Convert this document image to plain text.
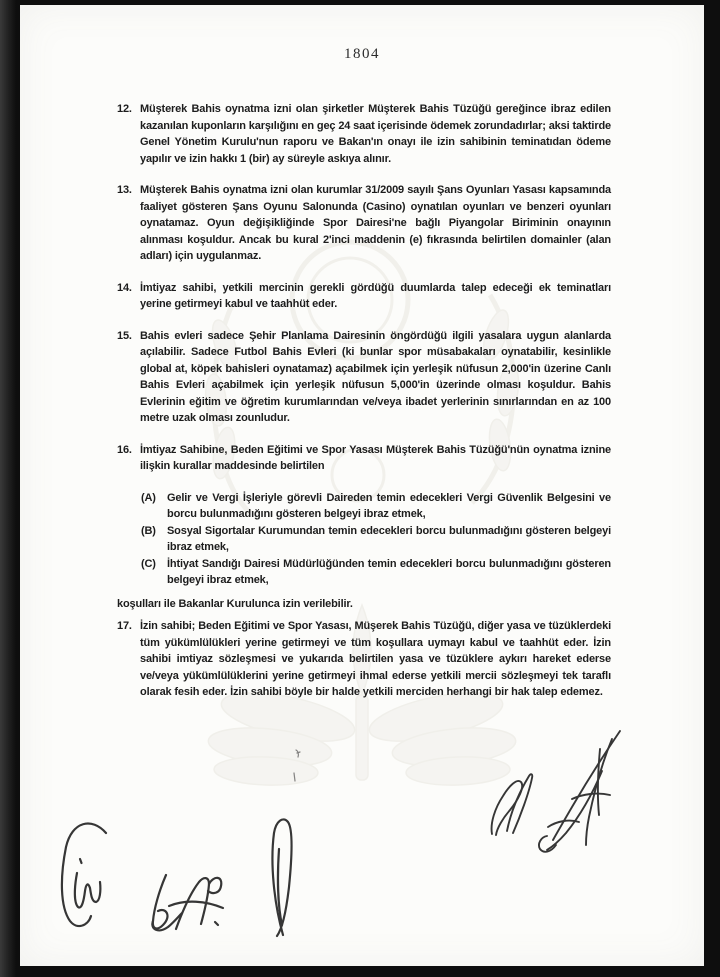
1804
12. Müşterek Bahis oynatma izni olan şirketler Müşterek Bahis Tüzüğü gereğince ibraz edilen kazanılan kuponların karşılığını en geç 24 saat içerisinde ödemek zorundadırlar; aksi taktirde Genel Yönetim Kurulu'nun raporu ve Bakan'ın onayı ile izin sahibinin teminatıdan ödeme yapılır ve izin hakkı 1 (bir) ay süreyle askıya alınır.
13. Müşterek Bahis oynatma izni olan kurumlar 31/2009 sayılı Şans Oyunları Yasası kapsamında faaliyet gösteren Şans Oyunu Salonunda (Casino) oynatılan oyunları ve benzeri oyunları oynatamaz. Oyun değişikliğinde Spor Dairesi'ne bağlı Piyangolar Biriminin onayının alınması koşuldur. Ancak bu kural 2'inci maddenin (e) fıkrasında belirtilen domainler (alan adları) için uygulanmaz.
14. İmtiyaz sahibi, yetkili mercinin gerekli gördüğü duumlarda talep edeceği ek teminatları yerine getirmeyi kabul ve taahhüt eder.
15. Bahis evleri sadece Şehir Planlama Dairesinin öngördüğü ilgili yasalara uygun alanlarda açılabilir. Sadece Futbol Bahis Evleri (ki bunlar spor müsabakaları oynatabilir, kesinlikle global at, köpek bahisleri oynatamaz) açabilmek için yerleşik nüfusun 2,000'in üzerine Canlı Bahis Evleri açabilmek için yerleşik nüfusun 5,000'in üzerinde olması koşuldur. Bahis Evlerinin eğitim ve öğretim kurumlarından ve/veya ibadet yerlerinin sınırlarından en az 100 metre uzak olması zounludur.
16. İmtiyaz Sahibine, Beden Eğitimi ve Spor Yasası Müşterek Bahis Tüzüğü'nün oynatma iznine ilişkin kurallar maddesinde belirtilen
(A)	Gelir ve Vergi İşleriyle görevli Daireden temin edecekleri Vergi Güvenlik Belgesini ve borcu bulunmadığını gösteren belgeyi ibraz etmek,
(B)	Sosyal Sigortalar Kurumundan temin edecekleri borcu bulunmadığını gösteren belgeyi ibraz etmek,
(C)	İhtiyat Sandığı Dairesi Müdürlüğünden temin edecekleri borcu bulunmadığını gösteren belgeyi ibraz etmek,
koşulları ile Bakanlar Kurulunca izin verilebilir.
17. İzin sahibi; Beden Eğitimi ve Spor Yasası, Müşerek Bahis Tüzüğü, diğer yasa ve tüzüklerdeki tüm yükümlülükleri yerine getirmeyi ve tüm koşullara uymayı kabul ve taahhüt eder. İzin sahibi imtiyaz sözleşmesi ve yukarıda belirtilen yasa ve tüzüklere aykırı hareket ederse ve/veya yükümlülüklerini yerine getirmeyi ihmal ederse yetkili mercii sözleşmeyi tek taraflı olarak fesih eder. İzin sahibi böyle bir halde yetkili merciden herhangi bir hak talep edemez.
